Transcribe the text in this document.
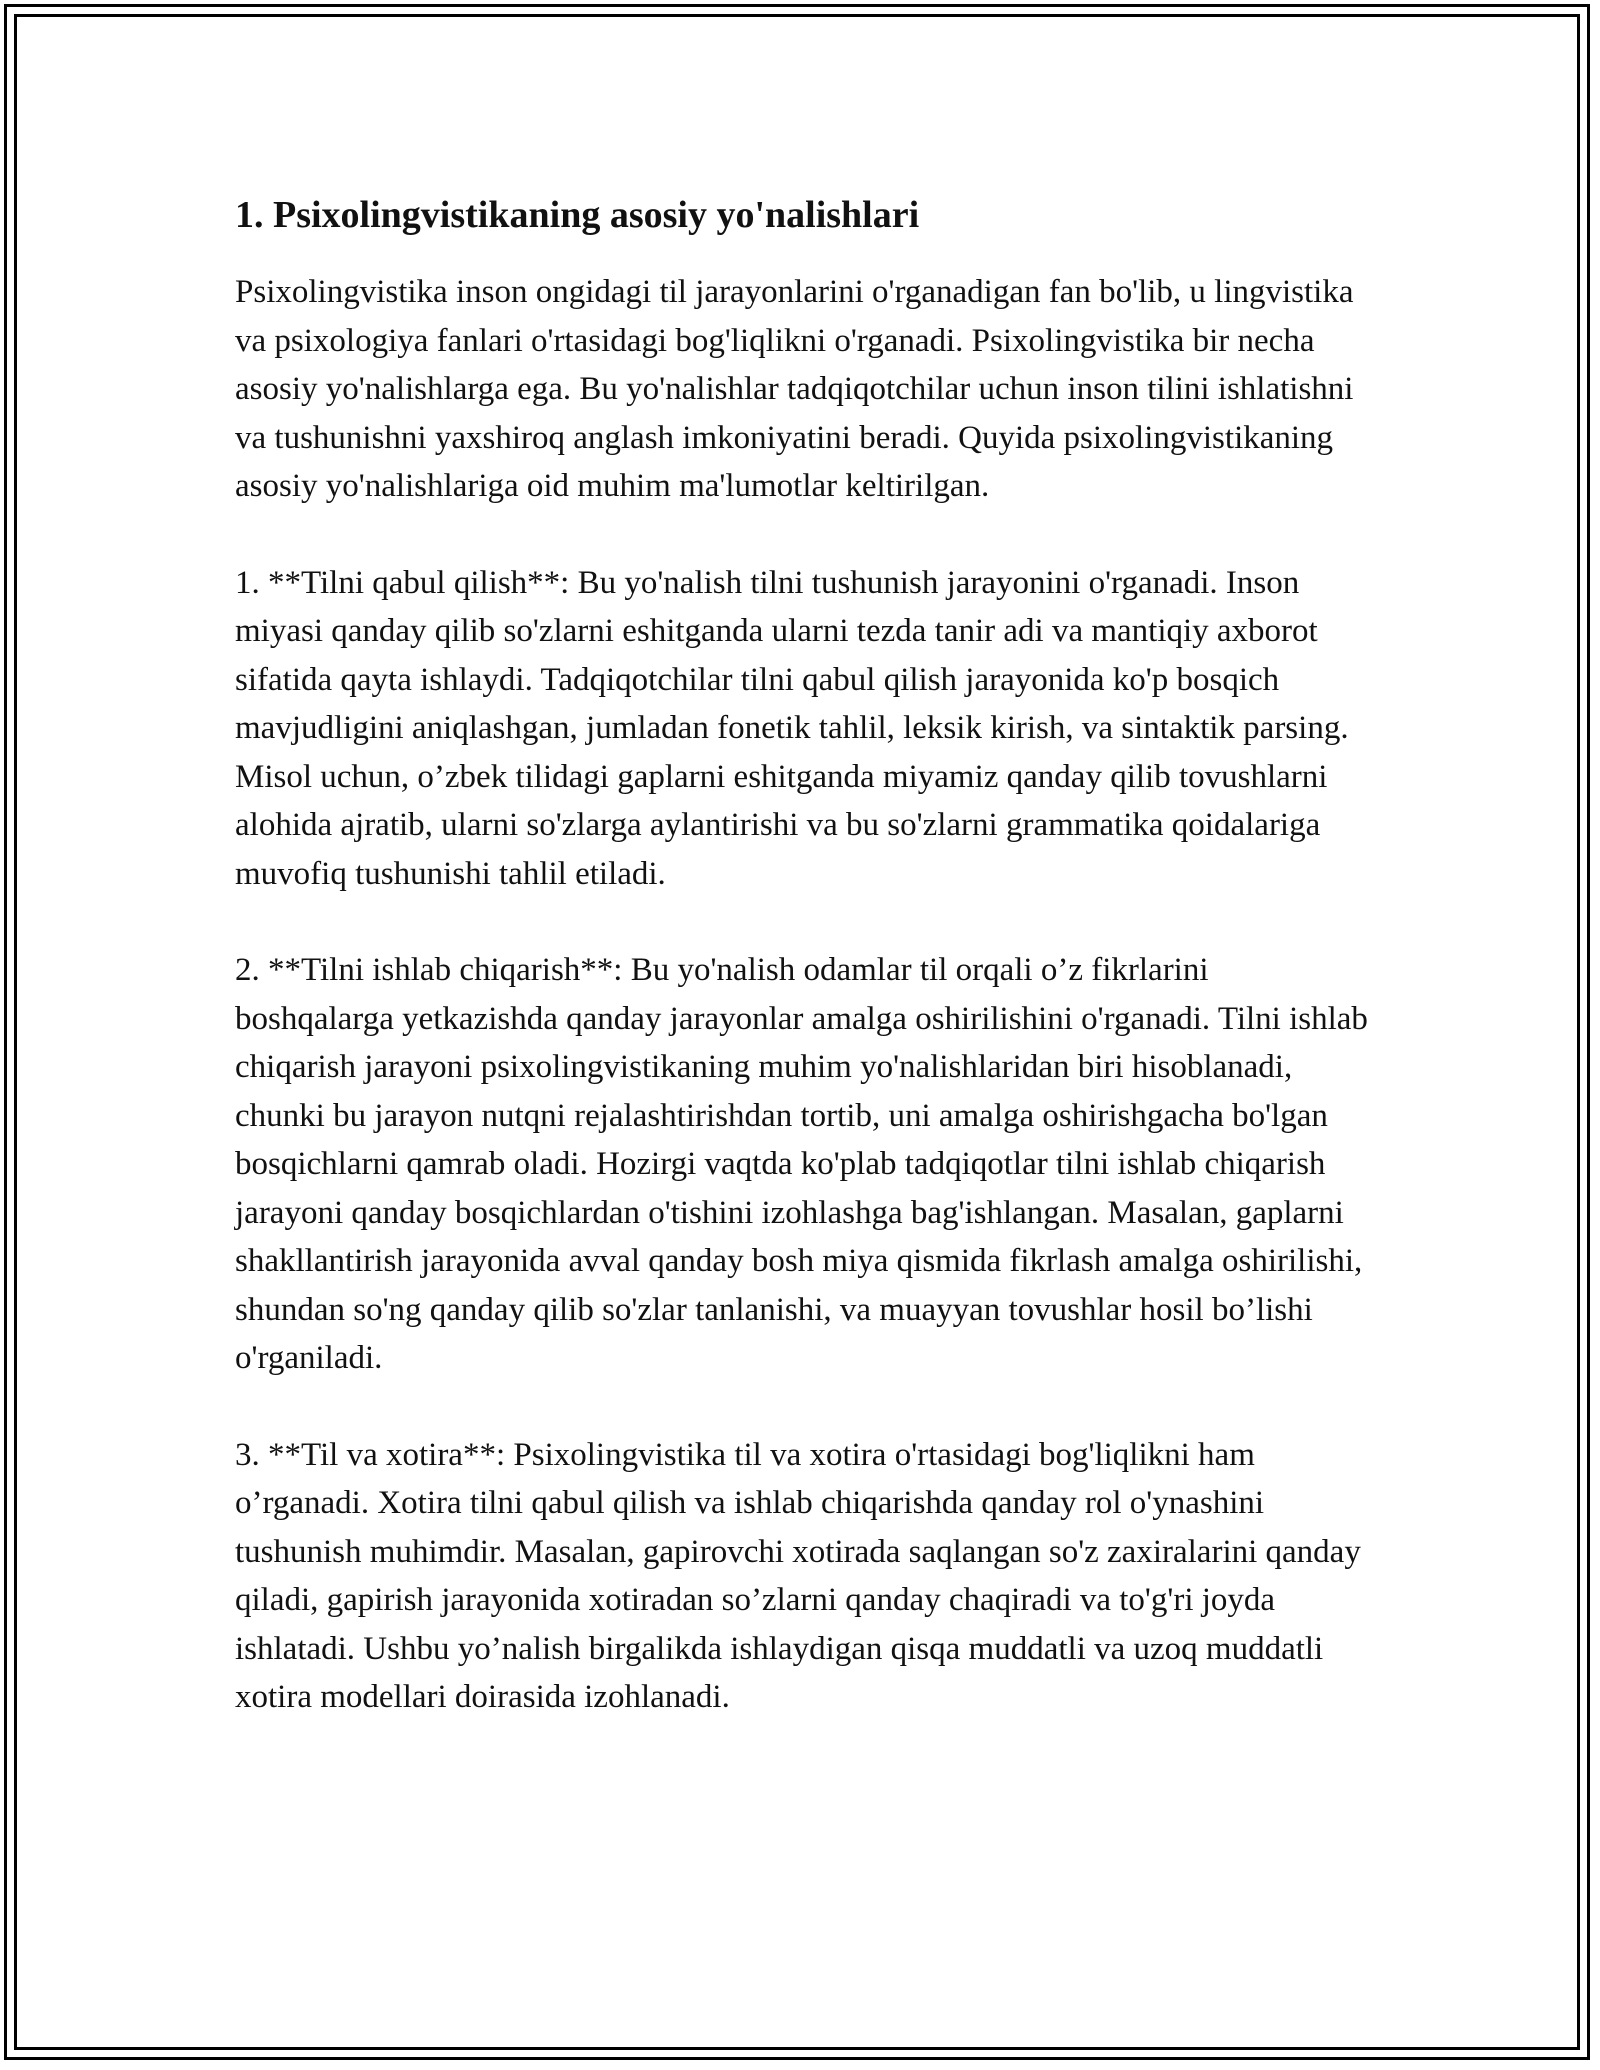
1. Psixolingvistikaning asosiy yo'nalishlari

Psixolingvistika inson ongidagi til jarayonlarini o'rganadigan fan bo'lib, u lingvistika va psixologiya fanlari o'rtasidagi bog'liqlikni o'rganadi. Psixolingvistika bir necha asosiy yo'nalishlarga ega. Bu yo'nalishlar tadqiqotchilar uchun inson tilini ishlatishni va tushunishni yaxshiroq anglash imkoniyatini beradi. Quyida psixolingvistikaning asosiy yo'nalishlariga oid muhim ma'lumotlar keltirilgan.

1. **Tilni qabul qilish**: Bu yo'nalish tilni tushunish jarayonini o'rganadi. Inson miyasi qanday qilib so'zlarni eshitganda ularni tezda tanir adi va mantiqiy axborot sifatida qayta ishlaydi. Tadqiqotchilar tilni qabul qilish jarayonida ko'p bosqich mavjudligini aniqlashgan, jumladan fonetik tahlil, leksik kirish, va sintaktik parsing. Misol uchun, o’zbek tilidagi gaplarni eshitganda miyamiz qanday qilib tovushlarni alohida ajratib, ularni so'zlarga aylantirishi va bu so'zlarni grammatika qoidalariga muvofiq tushunishi tahlil etiladi.

2. **Tilni ishlab chiqarish**: Bu yo'nalish odamlar til orqali o’z fikrlarini boshqalarga yetkazishda qanday jarayonlar amalga oshirilishini o'rganadi. Tilni ishlab chiqarish jarayoni psixolingvistikaning muhim yo'nalishlaridan biri hisoblanadi, chunki bu jarayon nutqni rejalashtirishdan tortib, uni amalga oshirishgacha bo'lgan bosqichlarni qamrab oladi. Hozirgi vaqtda ko'plab tadqiqotlar tilni ishlab chiqarish jarayoni qanday bosqichlardan o'tishini izohlashga bag'ishlangan. Masalan, gaplarni shakllantirish jarayonida avval qanday bosh miya qismida fikrlash amalga oshirilishi, shundan so'ng qanday qilib so'zlar tanlanishi, va muayyan tovushlar hosil bo’lishi o'rganiladi.

3. **Til va xotira**: Psixolingvistika til va xotira o'rtasidagi bog'liqlikni ham o’rganadi. Xotira tilni qabul qilish va ishlab chiqarishda qanday rol o'ynashini tushunish muhimdir. Masalan, gapirovchi xotirada saqlangan so'z zaxiralarini qanday qiladi, gapirish jarayonida xotiradan so’zlarni qanday chaqiradi va to'g'ri joyda ishlatadi. Ushbu yo’nalish birgalikda ishlaydigan qisqa muddatli va uzoq muddatli xotira modellari doirasida izohlanadi.
